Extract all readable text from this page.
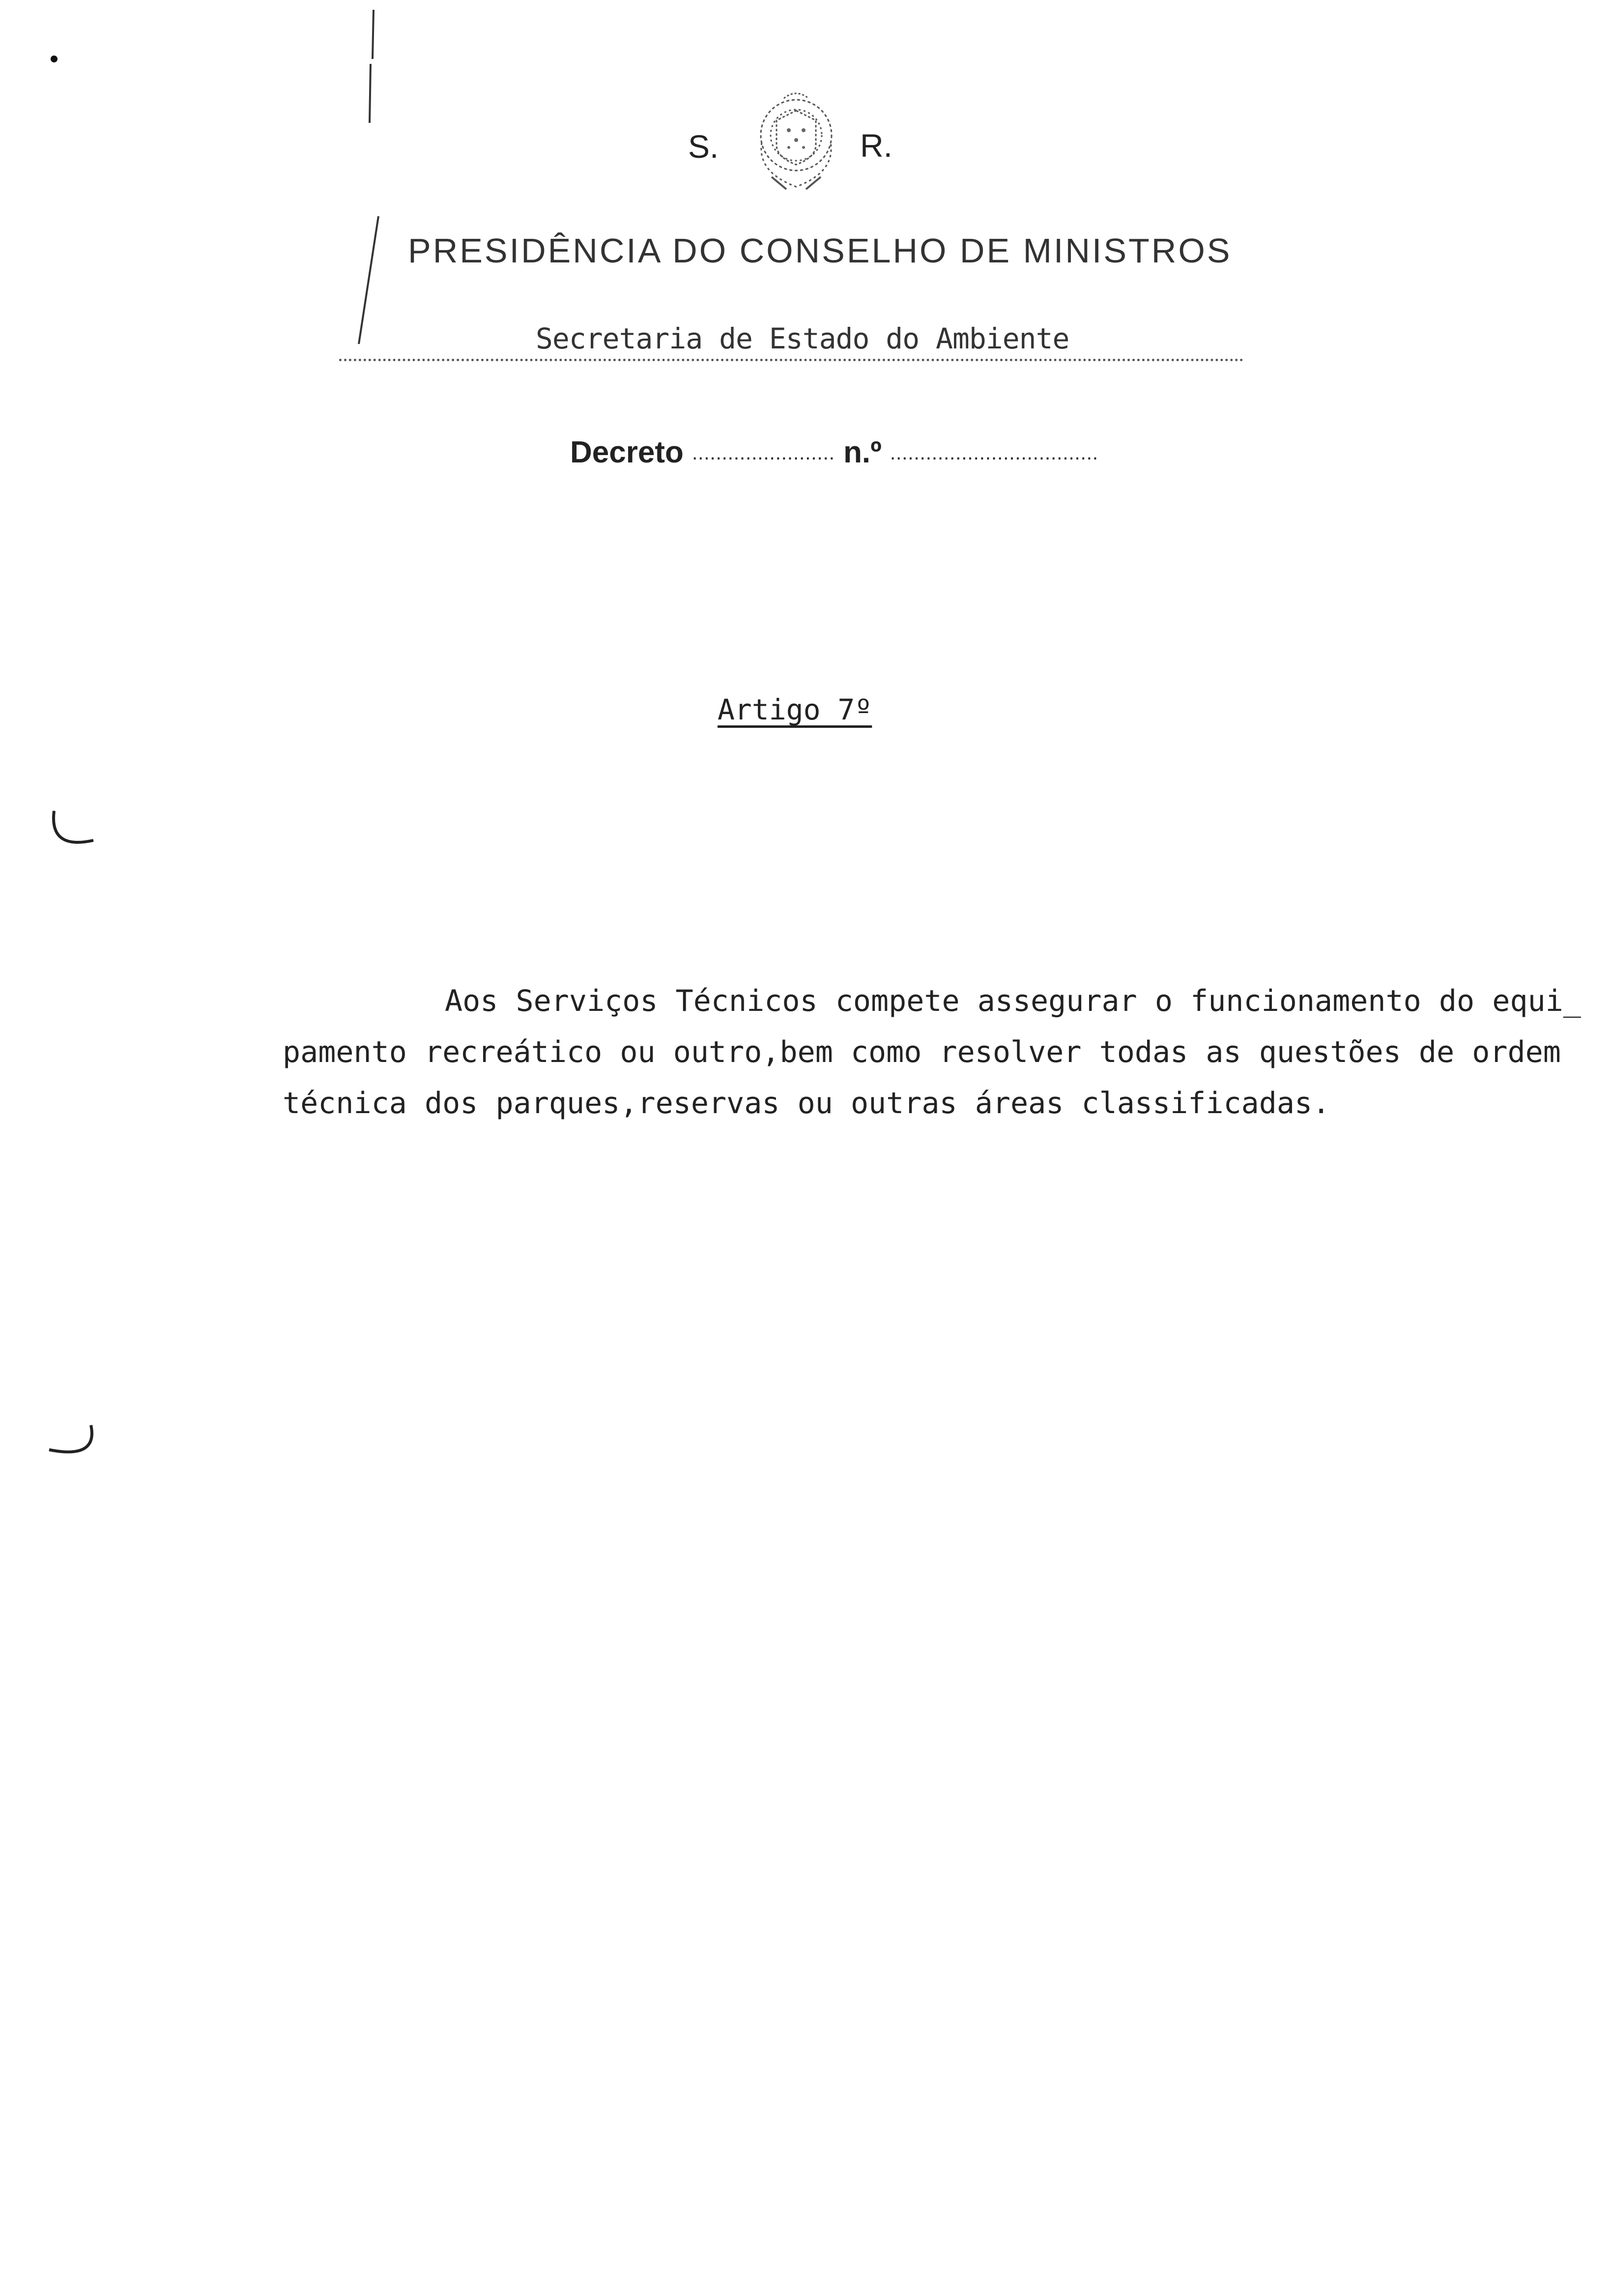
S.	R.
PRESIDÊNCIA DO CONSELHO DE MINISTROS
Secretaria de Estado do Ambiente
Decreto ........................ n.º ...................................
Artigo 7º
Aos Serviços Técnicos compete assegurar o funcionamento do equi_
pamento recreático ou outro,bem como resolver todas as questões de ordem
técnica dos parques,reservas ou outras áreas classificadas.
